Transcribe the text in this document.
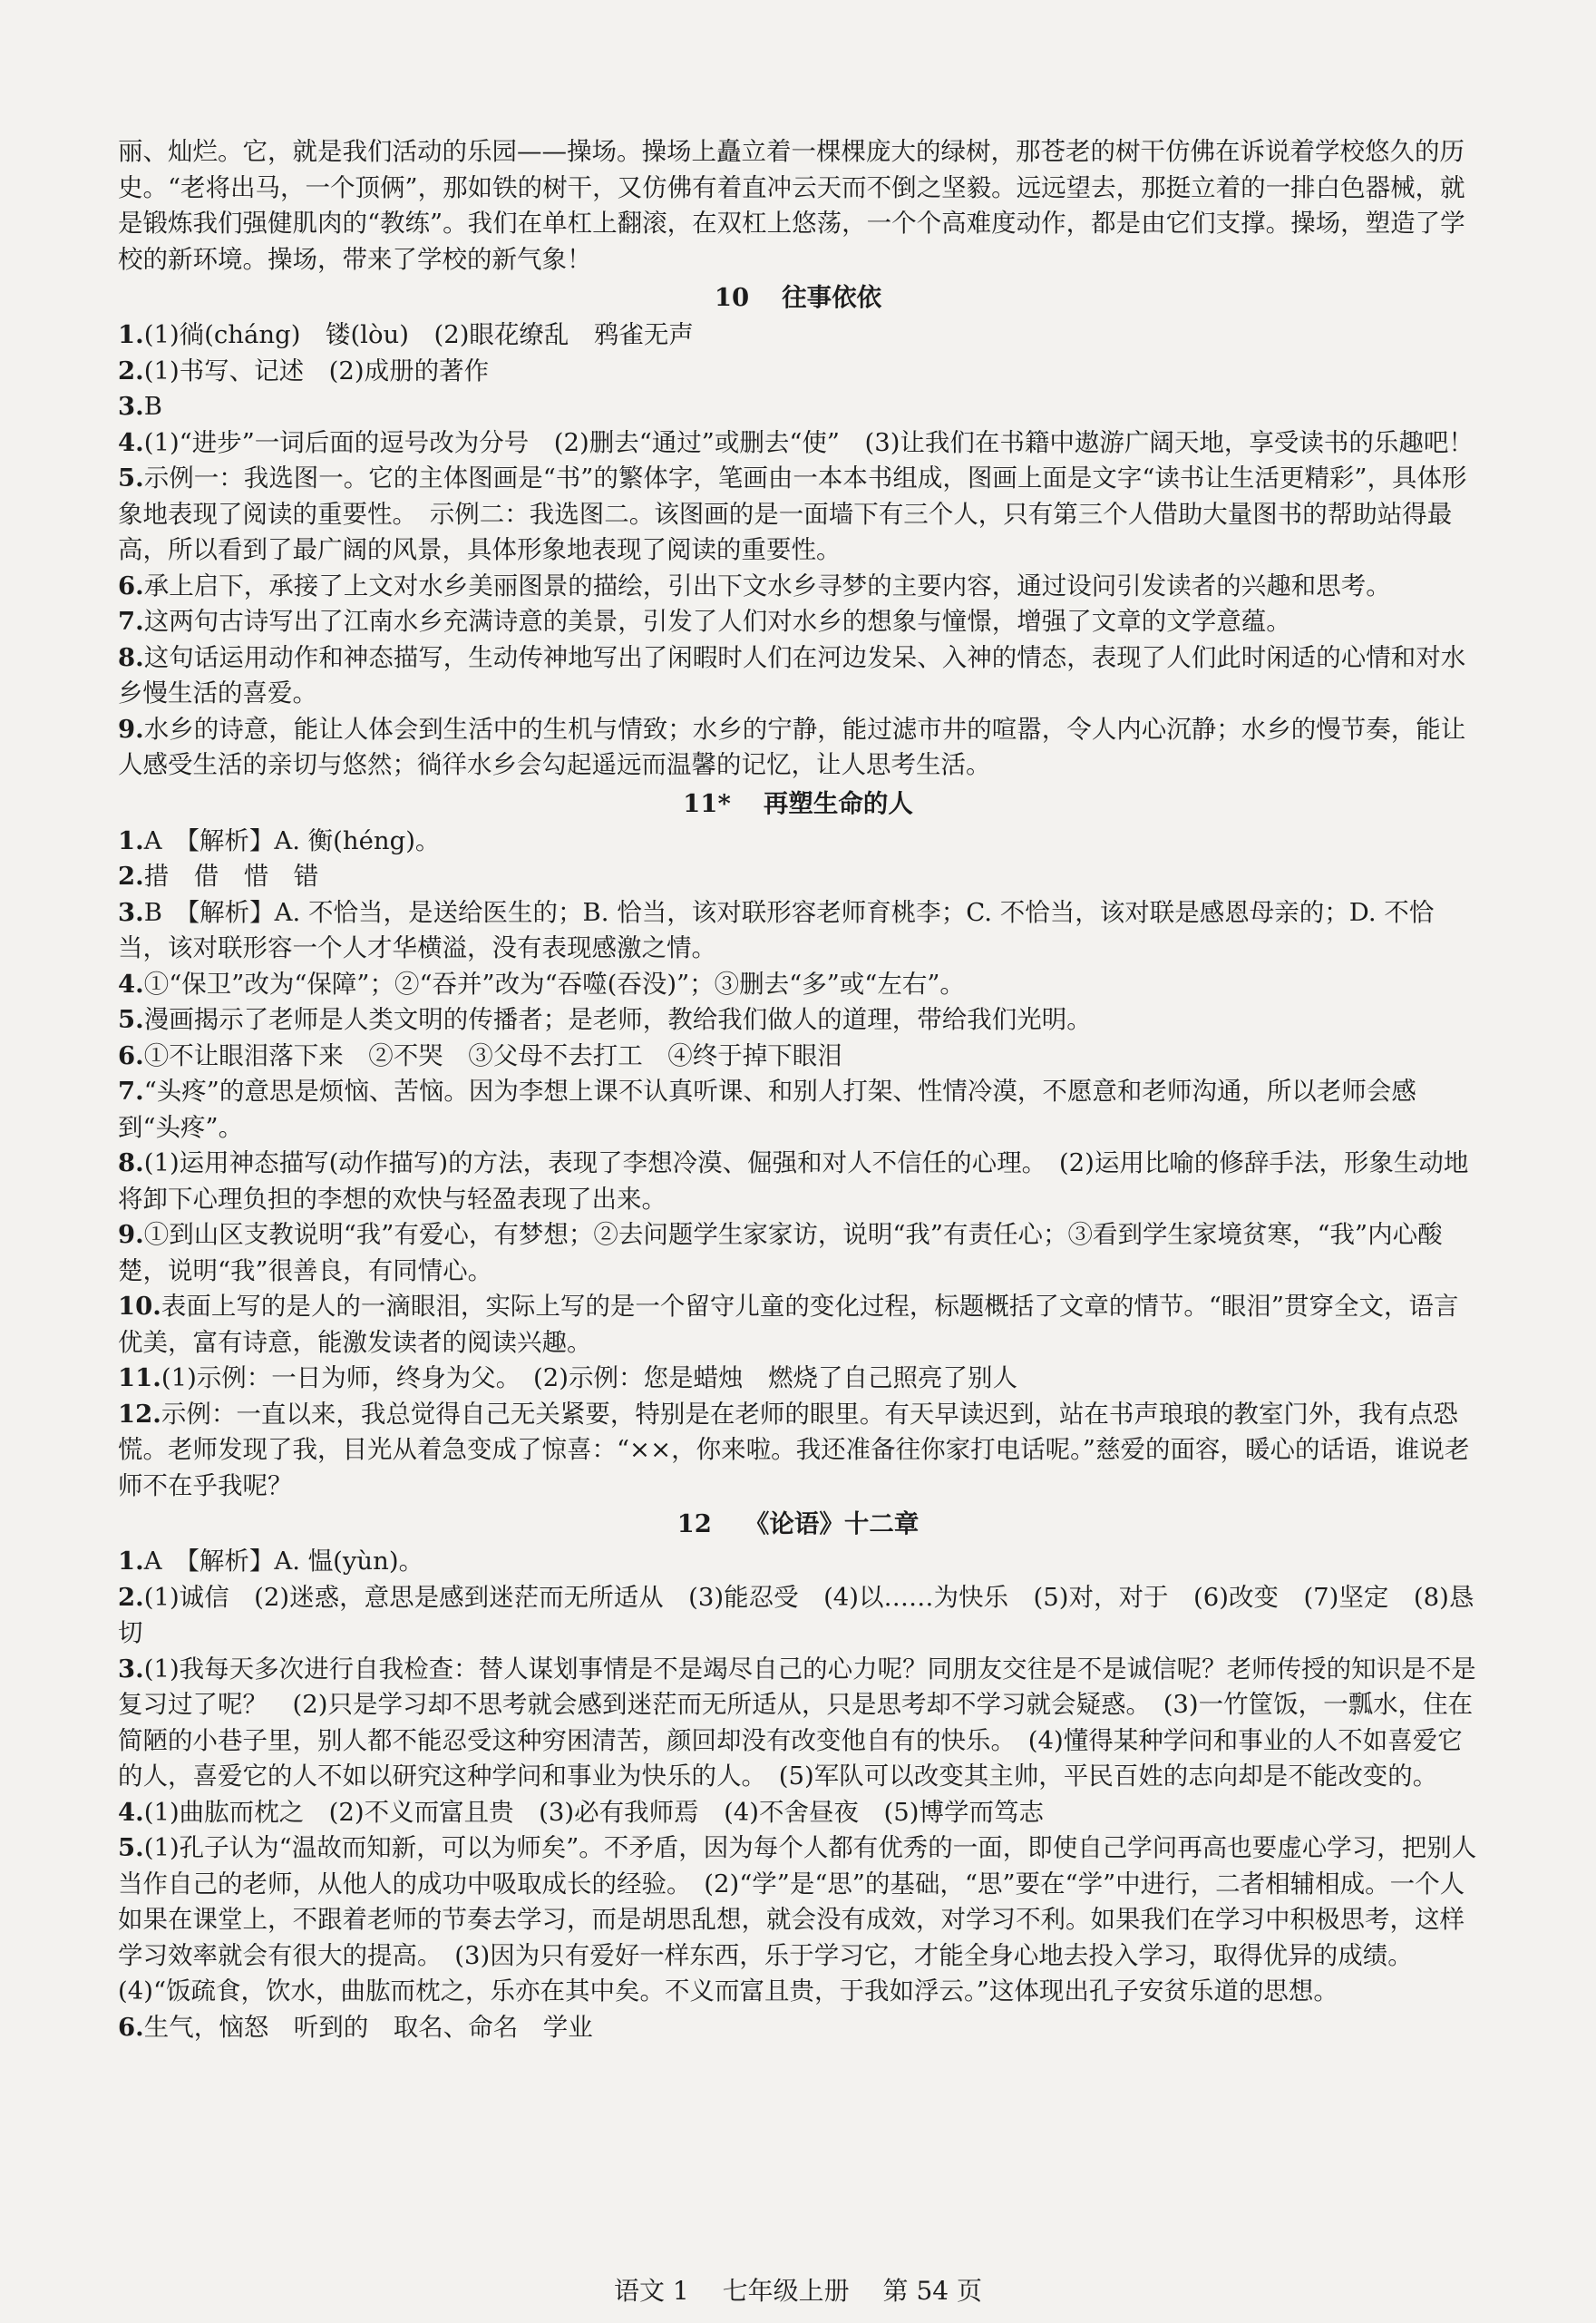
丽、灿烂。它，就是我们活动的乐园——操场。操场上矗立着一棵棵庞大的绿树，那苍老的树干仿佛在诉说着学校悠久的历史。“老将出马，一个顶俩”，那如铁的树干，又仿佛有着直冲云天而不倒之坚毅。远远望去，那挺立着的一排白色器械，就是锻炼我们强健肌肉的“教练”。我们在单杠上翻滚，在双杠上悠荡，一个个高难度动作，都是由它们支撑。操场，塑造了学校的新环境。操场，带来了学校的新气象！

10 往事依依

1.(1)徜(cháng)　镂(lòu)　(2)眼花缭乱　鸦雀无声

2.(1)书写、记述　(2)成册的著作

3.B

4.(1)“进步”一词后面的逗号改为分号　(2)删去“通过”或删去“使”　(3)让我们在书籍中遨游广阔天地，享受读书的乐趣吧！

5.示例一：我选图一。它的主体图画是“书”的繁体字，笔画由一本本书组成，图画上面是文字“读书让生活更精彩”，具体形象地表现了阅读的重要性。　示例二：我选图二。该图画的是一面墙下有三个人，只有第三个人借助大量图书的帮助站得最高，所以看到了最广阔的风景，具体形象地表现了阅读的重要性。

6.承上启下，承接了上文对水乡美丽图景的描绘，引出下文水乡寻梦的主要内容，通过设问引发读者的兴趣和思考。

7.这两句古诗写出了江南水乡充满诗意的美景，引发了人们对水乡的想象与憧憬，增强了文章的文学意蕴。

8.这句话运用动作和神态描写，生动传神地写出了闲暇时人们在河边发呆、入神的情态，表现了人们此时闲适的心情和对水乡慢生活的喜爱。

9.水乡的诗意，能让人体会到生活中的生机与情致；水乡的宁静，能过滤市井的喧嚣，令人内心沉静；水乡的慢节奏，能让人感受生活的亲切与悠然；徜徉水乡会勾起遥远而温馨的记忆，让人思考生活。

11* 再塑生命的人

1.A　【解析】A. 衡(héng)。

2.措　借　惜　错

3.B　【解析】A. 不恰当，是送给医生的；B. 恰当，该对联形容老师育桃李；C. 不恰当，该对联是感恩母亲的；D. 不恰当，该对联形容一个人才华横溢，没有表现感激之情。

4.①“保卫”改为“保障”；②“吞并”改为“吞噬(吞没)”；③删去“多”或“左右”。

5.漫画揭示了老师是人类文明的传播者；是老师，教给我们做人的道理，带给我们光明。

6.①不让眼泪落下来　②不哭　③父母不去打工　④终于掉下眼泪

7.“头疼”的意思是烦恼、苦恼。因为李想上课不认真听课、和别人打架、性情冷漠，不愿意和老师沟通，所以老师会感到“头疼”。

8.(1)运用神态描写(动作描写)的方法，表现了李想冷漠、倔强和对人不信任的心理。　(2)运用比喻的修辞手法，形象生动地将卸下心理负担的李想的欢快与轻盈表现了出来。

9.①到山区支教说明“我”有爱心，有梦想；②去问题学生家家访，说明“我”有责任心；③看到学生家境贫寒，“我”内心酸楚，说明“我”很善良，有同情心。

10.表面上写的是人的一滴眼泪，实际上写的是一个留守儿童的变化过程，标题概括了文章的情节。“眼泪”贯穿全文，语言优美，富有诗意，能激发读者的阅读兴趣。

11.(1)示例：一日为师，终身为父。　(2)示例：您是蜡烛　燃烧了自己照亮了别人

12.示例：一直以来，我总觉得自己无关紧要，特别是在老师的眼里。有天早读迟到，站在书声琅琅的教室门外，我有点恐慌。老师发现了我，目光从着急变成了惊喜：“××，你来啦。我还准备往你家打电话呢。”慈爱的面容，暖心的话语，谁说老师不在乎我呢？

12 《论语》十二章

1.A　【解析】A. 愠(yùn)。

2.(1)诚信　(2)迷惑，意思是感到迷茫而无所适从　(3)能忍受　(4)以……为快乐　(5)对，对于　(6)改变　(7)坚定　(8)恳切

3.(1)我每天多次进行自我检查：替人谋划事情是不是竭尽自己的心力呢？同朋友交往是不是诚信呢？老师传授的知识是不是复习过了呢？　(2)只是学习却不思考就会感到迷茫而无所适从，只是思考却不学习就会疑惑。　(3)一竹筐饭，一瓢水，住在简陋的小巷子里，别人都不能忍受这种穷困清苦，颜回却没有改变他自有的快乐。　(4)懂得某种学问和事业的人不如喜爱它的人，喜爱它的人不如以研究这种学问和事业为快乐的人。　(5)军队可以改变其主帅，平民百姓的志向却是不能改变的。

4.(1)曲肱而枕之　(2)不义而富且贵　(3)必有我师焉　(4)不舍昼夜　(5)博学而笃志

5.(1)孔子认为“温故而知新，可以为师矣”。不矛盾，因为每个人都有优秀的一面，即使自己学问再高也要虚心学习，把别人当作自己的老师，从他人的成功中吸取成长的经验。　(2)“学”是“思”的基础，“思”要在“学”中进行，二者相辅相成。一个人如果在课堂上，不跟着老师的节奏去学习，而是胡思乱想，就会没有成效，对学习不利。如果我们在学习中积极思考，这样学习效率就会有很大的提高。　(3)因为只有爱好一样东西，乐于学习它，才能全身心地去投入学习，取得优异的成绩。　(4)“饭疏食，饮水，曲肱而枕之，乐亦在其中矣。不义而富且贵，于我如浮云。”这体现出孔子安贫乐道的思想。

6.生气，恼怒　听到的　取名、命名　学业

语文 1 七年级上册 第 54 页
